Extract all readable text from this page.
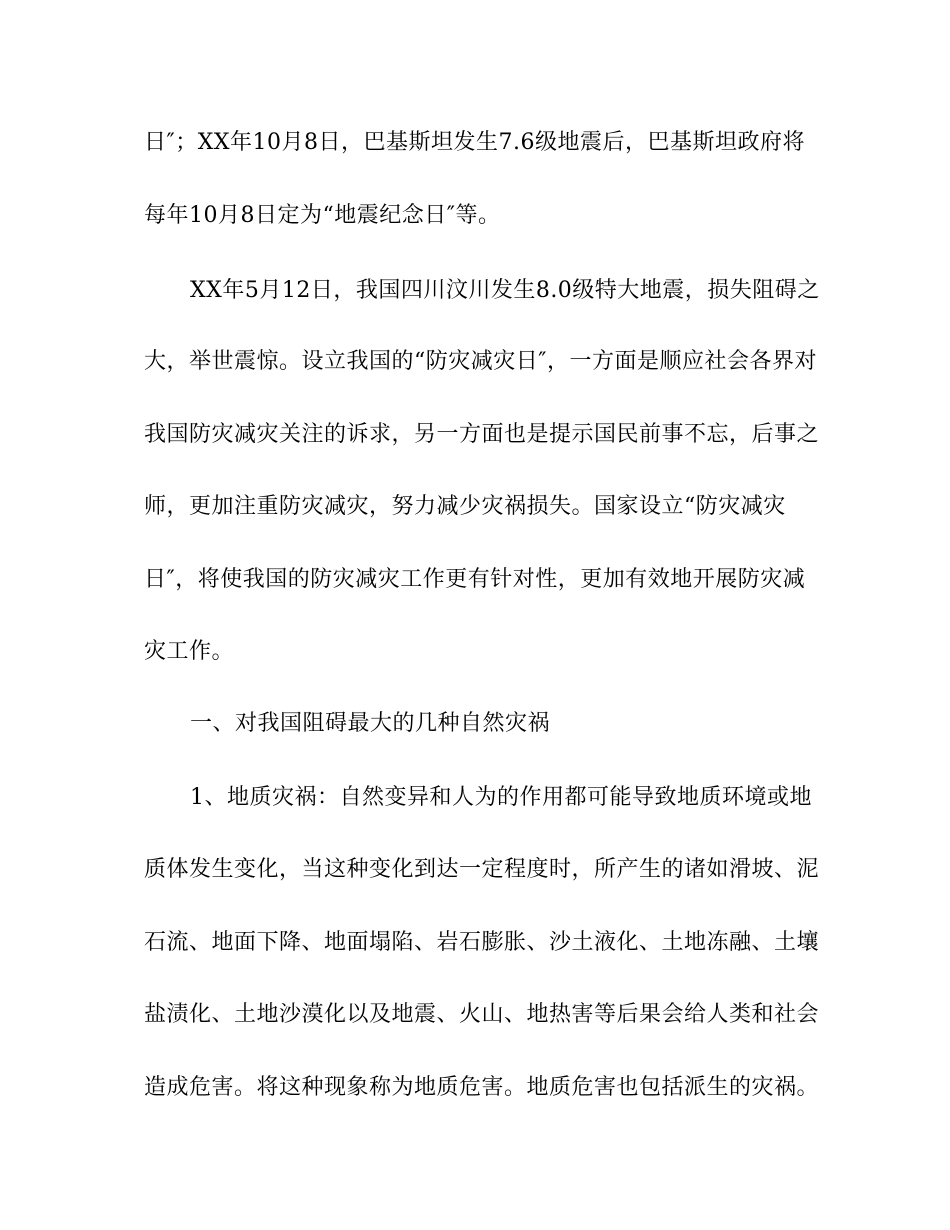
日″；XX年10月8日，巴基斯坦发生7.6级地震后，巴基斯坦政府将
每年10月8日定为“地震纪念日″等。
XX年5月12日，我国四川汶川发生8.0级特大地震，损失阻碍之
大，举世震惊。设立我国的“防灾减灾日″，一方面是顺应社会各界对
我国防灾减灾关注的诉求，另一方面也是提示国民前事不忘，后事之
师，更加注重防灾减灾，努力减少灾祸损失。国家设立“防灾减灾
日″，将使我国的防灾减灾工作更有针对性，更加有效地开展防灾减
灾工作。
一、对我国阻碍最大的几种自然灾祸
1、地质灾祸：自然变异和人为的作用都可能导致地质环境或地
质体发生变化，当这种变化到达一定程度时，所产生的诸如滑坡、泥
石流、地面下降、地面塌陷、岩石膨胀、沙土液化、土地冻融、土壤
盐渍化、土地沙漠化以及地震、火山、地热害等后果会给人类和社会
造成危害。将这种现象称为地质危害。地质危害也包括派生的灾祸。
